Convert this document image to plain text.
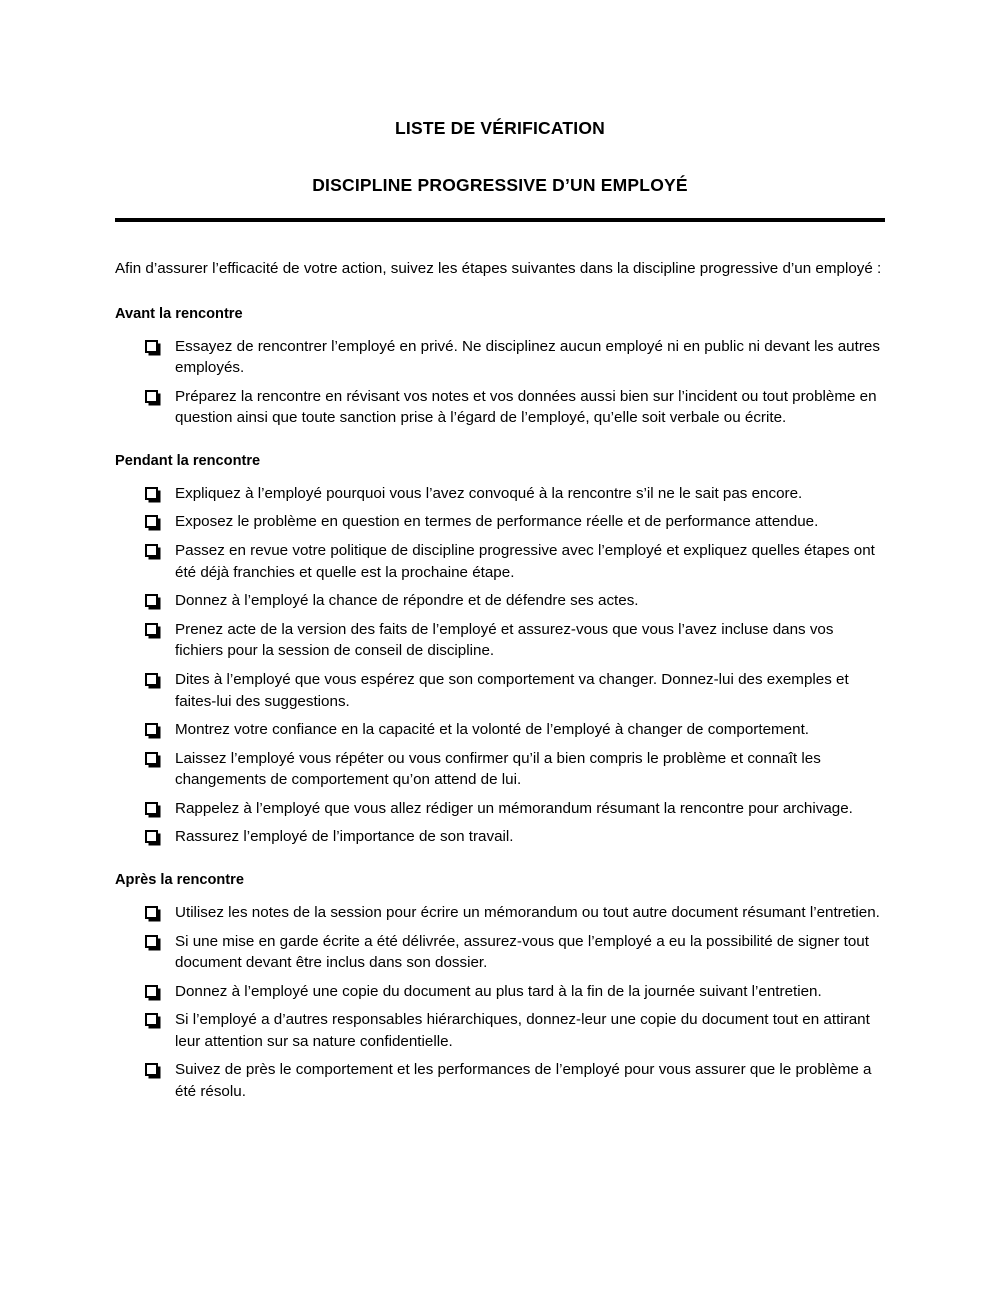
LISTE DE VÉRIFICATION
DISCIPLINE PROGRESSIVE D’UN EMPLOYÉ

Afin d’assurer l’efficacité de votre action, suivez les étapes suivantes dans la discipline progressive d’un employé :

Avant la rencontre
Essayez de rencontrer l’employé en privé. Ne disciplinez aucun employé ni en public ni devant les autres employés.
Préparez la rencontre en révisant vos notes et vos données aussi bien sur l’incident ou tout problème en question ainsi que toute sanction prise à l’égard de l’employé, qu’elle soit verbale ou écrite.
Pendant la rencontre
Expliquez à l’employé pourquoi vous l’avez convoqué à la rencontre s’il ne le sait pas encore.
Exposez le problème en question en termes de performance réelle et de performance attendue.
Passez en revue votre politique de discipline progressive avec l’employé et expliquez quelles étapes ont été déjà franchies et quelle est la prochaine étape.
Donnez à l’employé la chance de répondre et de défendre ses actes.
Prenez acte de la version des faits de l’employé et assurez-vous que vous l’avez incluse dans vos fichiers pour la session de conseil de discipline.
Dites à l’employé que vous espérez que son comportement va changer. Donnez-lui des exemples et faites-lui des suggestions.
Montrez votre confiance en la capacité et la volonté de l’employé à changer de comportement.
Laissez l’employé vous répéter ou vous confirmer qu’il a bien compris le problème et connaît les changements de comportement qu’on attend de lui.
Rappelez à l’employé que vous allez rédiger un mémorandum résumant la rencontre pour archivage.
Rassurez l’employé de l’importance de son travail.
Après la rencontre
Utilisez les notes de la session pour écrire un mémorandum ou tout autre document résumant l’entretien.
Si une mise en garde écrite a été délivrée, assurez-vous que l’employé a eu la possibilité de signer tout document devant être inclus dans son dossier.
Donnez à l’employé une copie du document au plus tard à la fin de la journée suivant l’entretien.
Si l’employé a d’autres responsables hiérarchiques, donnez-leur une copie du document tout en attirant leur attention sur sa nature confidentielle.
Suivez de près le comportement et les performances de l’employé pour vous assurer que le problème a été résolu.
